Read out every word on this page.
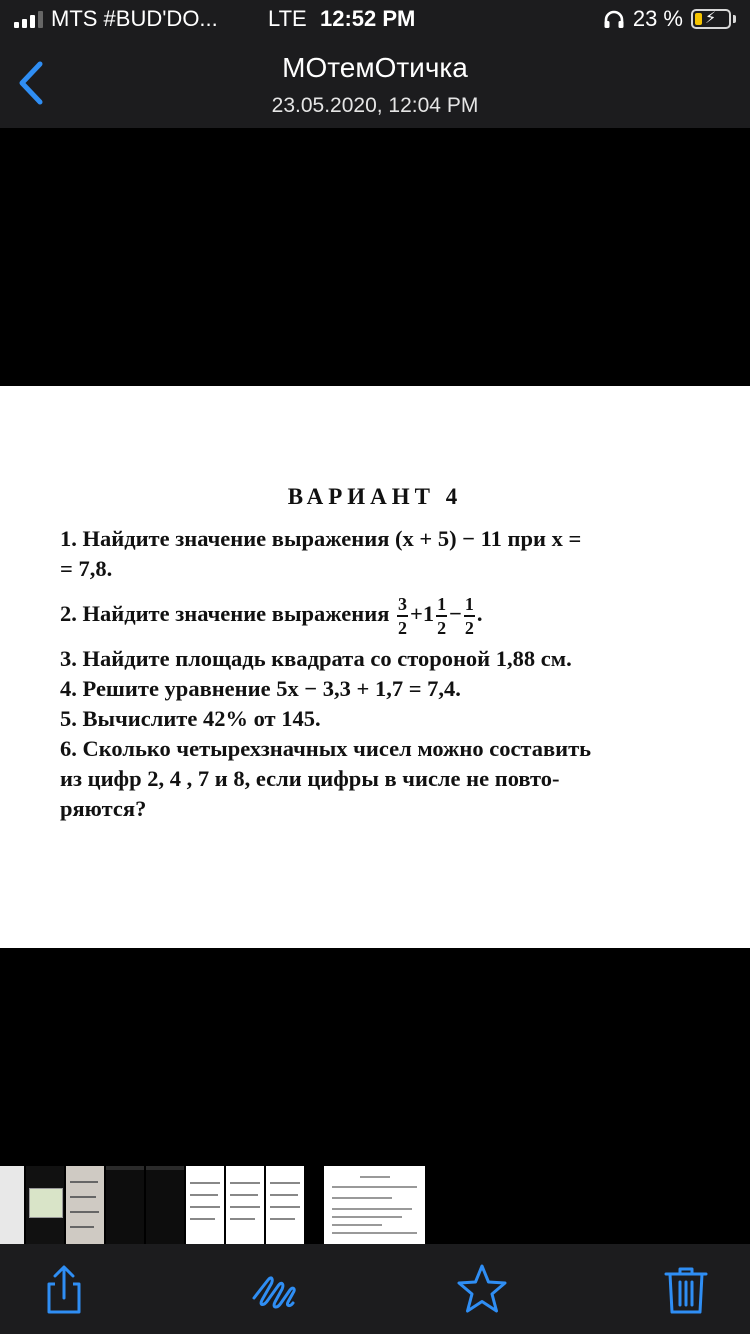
MTS #BUD'DO... LTE 12:52 PM	23 % ⚡
МОтемОтичка
23.05.2020, 12:04 PM
ВАРИАНТ 4
1. Найдите значение выражения (x + 5) − 11 при x =
= 7,8.
2. Найдите значение выражения $\frac{3}{2} +1 \frac{1}{2} - \frac{1}{2}$ .
3. Найдите площадь квадрата со стороной 1,88 см.
4. Решите уравнение 5x − 3,3 + 1,7 = 7,4.
5. Вычислите 42% от 145.
6. Сколько четырехзначных чисел можно составить
из цифр 2, 4 , 7 и 8, если цифры в числе не повто-
ряются?
